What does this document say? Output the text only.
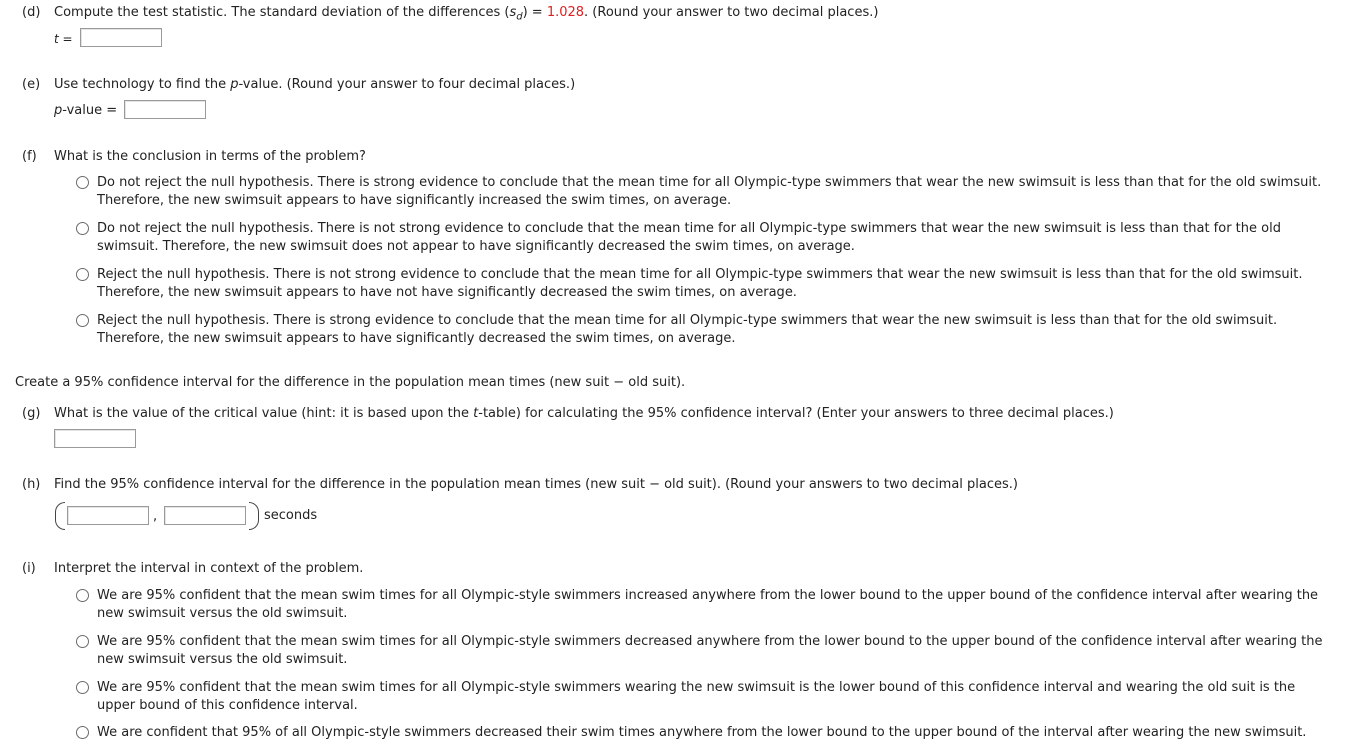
(d) Compute the test statistic. The standard deviation of the differences $(s_d) = 1.028$. (Round your answer to two decimal places.)
t =
(e) Use technology to find the p-value. (Round your answer to four decimal places.)
p-value =
(f) What is the conclusion in terms of the problem?
Do not reject the null hypothesis. There is strong evidence to conclude that the mean time for all Olympic-type swimmers that wear the new swimsuit is less than that for the old swimsuit.
Therefore, the new swimsuit appears to have significantly increased the swim times, on average.
Do not reject the null hypothesis. There is not strong evidence to conclude that the mean time for all Olympic-type swimmers that wear the new swimsuit is less than that for the old
swimsuit. Therefore, the new swimsuit does not appear to have significantly decreased the swim times, on average.
Reject the null hypothesis. There is not strong evidence to conclude that the mean time for all Olympic-type swimmers that wear the new swimsuit is less than that for the old swimsuit.
Therefore, the new swimsuit appears to have not have significantly decreased the swim times, on average.
Reject the null hypothesis. There is strong evidence to conclude that the mean time for all Olympic-type swimmers that wear the new swimsuit is less than that for the old swimsuit.
Therefore, the new swimsuit appears to have significantly decreased the swim times, on average.
Create a 95% confidence interval for the difference in the population mean times (new suit − old suit).
(g) What is the value of the critical value (hint: it is based upon the t-table) for calculating the 95% confidence interval? (Enter your answers to three decimal places.)
(h) Find the 95% confidence interval for the difference in the population mean times (new suit − old suit). (Round your answers to two decimal places.)
,	seconds
(i) Interpret the interval in context of the problem.
We are 95% confident that the mean swim times for all Olympic-style swimmers increased anywhere from the lower bound to the upper bound of the confidence interval after wearing the
new swimsuit versus the old swimsuit.
We are 95% confident that the mean swim times for all Olympic-style swimmers decreased anywhere from the lower bound to the upper bound of the confidence interval after wearing the
new swimsuit versus the old swimsuit.
We are 95% confident that the mean swim times for all Olympic-style swimmers wearing the new swimsuit is the lower bound of this confidence interval and wearing the old suit is the
upper bound of this confidence interval.
We are confident that 95% of all Olympic-style swimmers decreased their swim times anywhere from the lower bound to the upper bound of the interval after wearing the new swimsuit.
